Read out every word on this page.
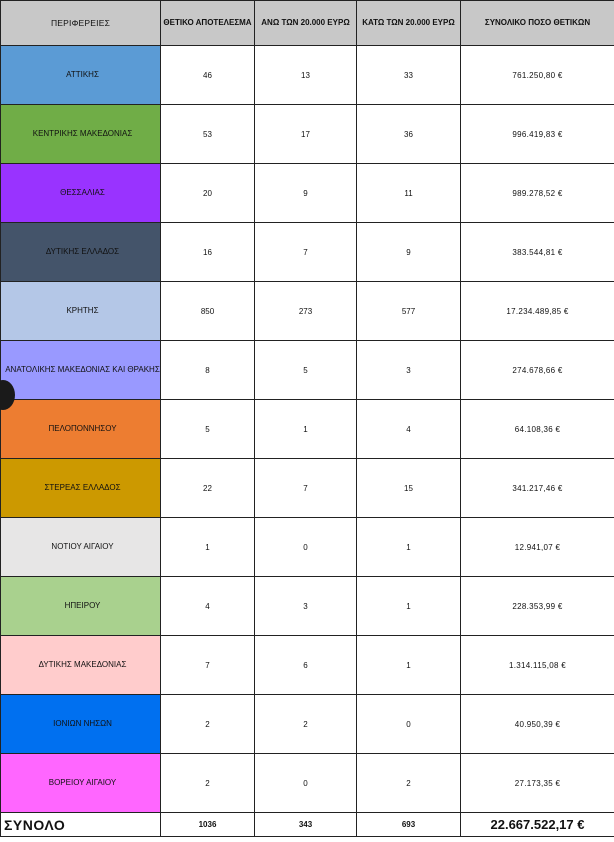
ΠΕΡΙΦΕΡΕΙΕΣ	ΘΕΤΙΚΟ ΑΠΟΤΕΛΕΣΜΑ	ΑΝΩ ΤΩΝ 20.000 ΕΥΡΩ	ΚΑΤΩ ΤΩΝ 20.000 ΕΥΡΩ	ΣΥΝΟΛΙΚΟ ΠΟΣΟ ΘΕΤΙΚΩΝ
ΑΤΤΙΚΗΣ	46	13	33	761.250,80 €
ΚΕΝΤΡΙΚΗΣ ΜΑΚΕΔΟΝΙΑΣ	53	17	36	996.419,83 €
ΘΕΣΣΑΛΙΑΣ	20	9	11	989.278,52 €
ΔΥΤΙΚΗΣ ΕΛΛΑΔΟΣ	16	7	9	383.544,81 €
ΚΡΗΤΗΣ	850	273	577	17.234.489,85 €
ΑΝΑΤΟΛΙΚΗΣ ΜΑΚΕΔΟΝΙΑΣ ΚΑΙ ΘΡΑΚΗΣ	8	5	3	274.678,66 €
ΠΕΛΟΠΟΝΝΗΣΟΥ	5	1	4	64.108,36 €
ΣΤΕΡΕΑΣ ΕΛΛΑΔΟΣ	22	7	15	341.217,46 €
ΝΟΤΙΟΥ ΑΙΓΑΙΟΥ	1	0	1	12.941,07 €
ΗΠΕΙΡΟΥ	4	3	1	228.353,99 €
ΔΥΤΙΚΗΣ ΜΑΚΕΔΟΝΙΑΣ	7	6	1	1.314.115,08 €
ΙΟΝΙΩΝ ΝΗΣΩΝ	2	2	0	40.950,39 €
ΒΟΡΕΙΟΥ ΑΙΓΑΙΟΥ	2	0	2	27.173,35 €
ΣΥΝΟΛΟ	1036	343	693	22.667.522,17 €
